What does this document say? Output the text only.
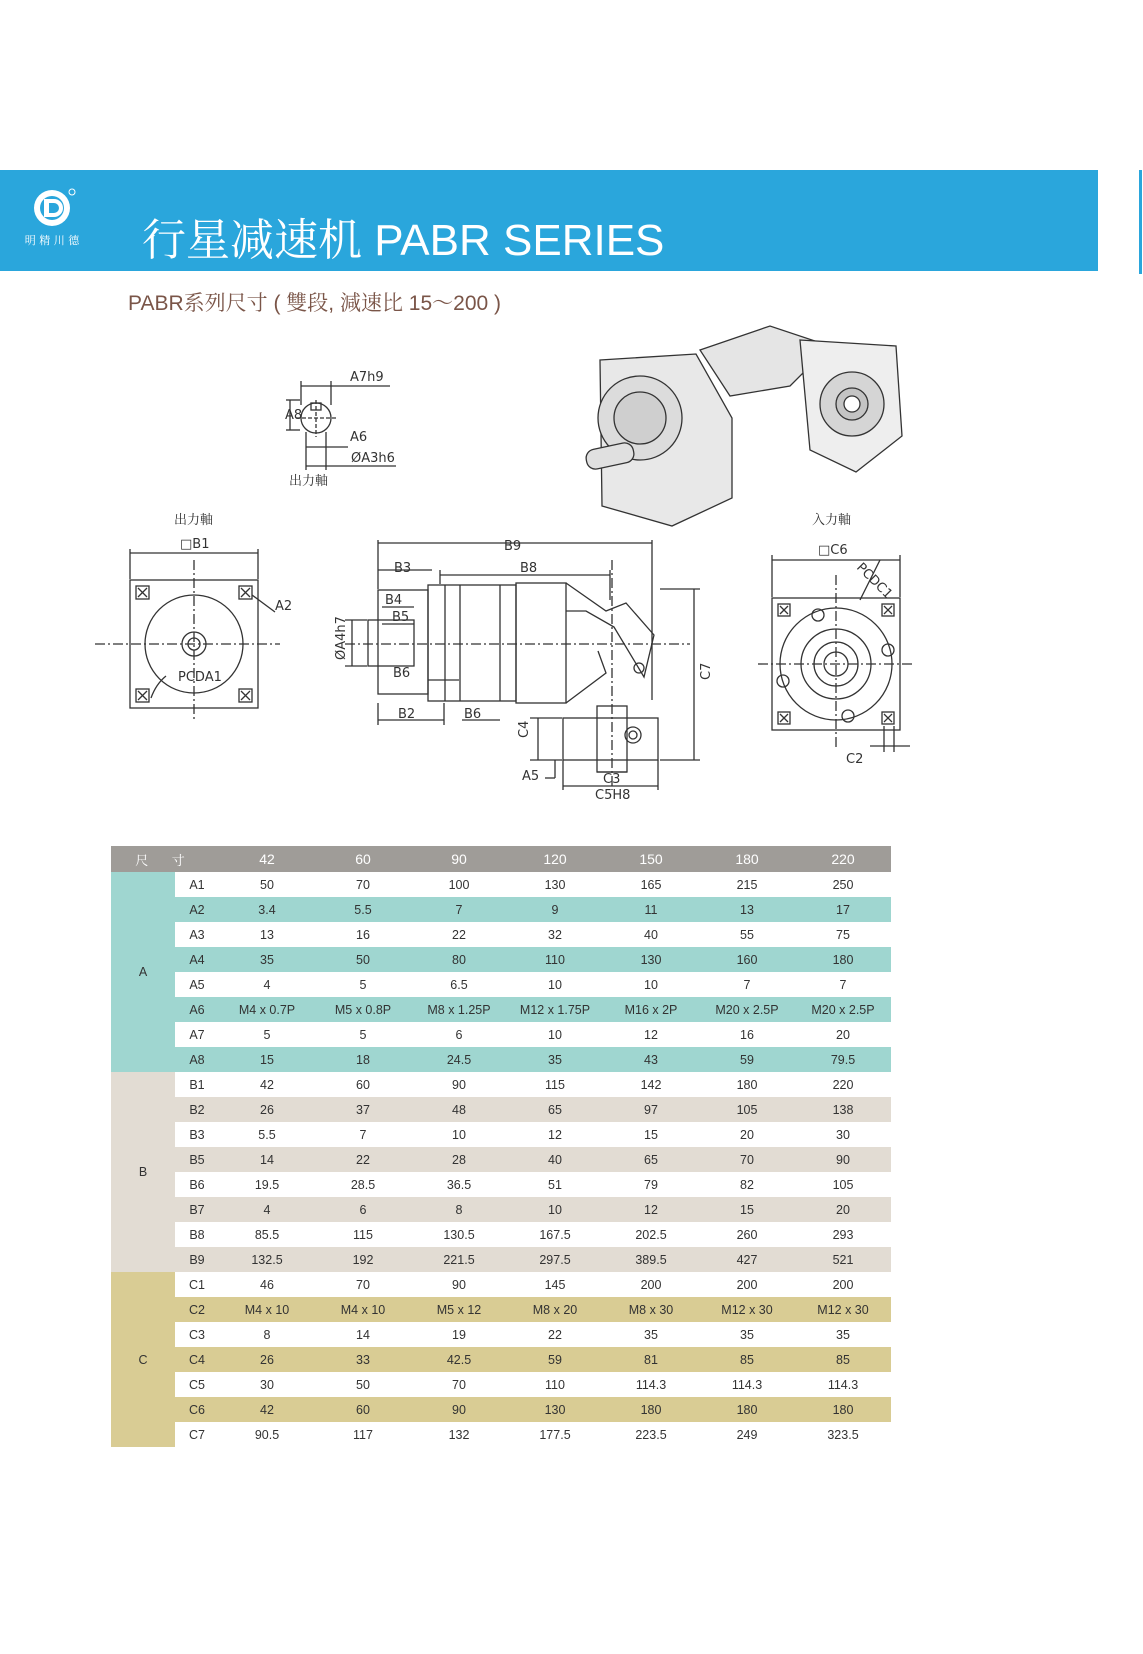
明 精 川 德 行星减速机 PABR SERIES
PABR系列尺寸 ( 雙段, 減速比 15～200 )
A7h9
A8
A6
ØA3h6
出力軸
出力軸
□B1
A2
PCDA1
B9
B3	B8
B4
B5
ØA4h7
B6
B2	B6
C7
C4
A5	C3
C5H8
入力軸
□C6
PCDC1
C2
尺 寸		42	60	90	120	150	180	220
A	A1	50	70	100	130	165	215	250
	A2	3.4	5.5	7	9	11	13	17
	A3	13	16	22	32	40	55	75
	A4	35	50	80	110	130	160	180
	A5	4	5	6.5	10	10	7	7
	A6	M4 x 0.7P	M5 x 0.8P	M8 x 1.25P	M12 x 1.75P	M16 x 2P	M20 x 2.5P	M20 x 2.5P
	A7	5	5	6	10	12	16	20
	A8	15	18	24.5	35	43	59	79.5
B	B1	42	60	90	115	142	180	220
	B2	26	37	48	65	97	105	138
	B3	5.5	7	10	12	15	20	30
	B5	14	22	28	40	65	70	90
	B6	19.5	28.5	36.5	51	79	82	105
	B7	4	6	8	10	12	15	20
	B8	85.5	115	130.5	167.5	202.5	260	293
	B9	132.5	192	221.5	297.5	389.5	427	521
C	C1	46	70	90	145	200	200	200
	C2	M4 x 10	M4 x 10	M5 x 12	M8 x 20	M8 x 30	M12 x 30	M12 x 30
	C3	8	14	19	22	35	35	35
	C4	26	33	42.5	59	81	85	85
	C5	30	50	70	110	114.3	114.3	114.3
	C6	42	60	90	130	180	180	180
	C7	90.5	117	132	177.5	223.5	249	323.5
